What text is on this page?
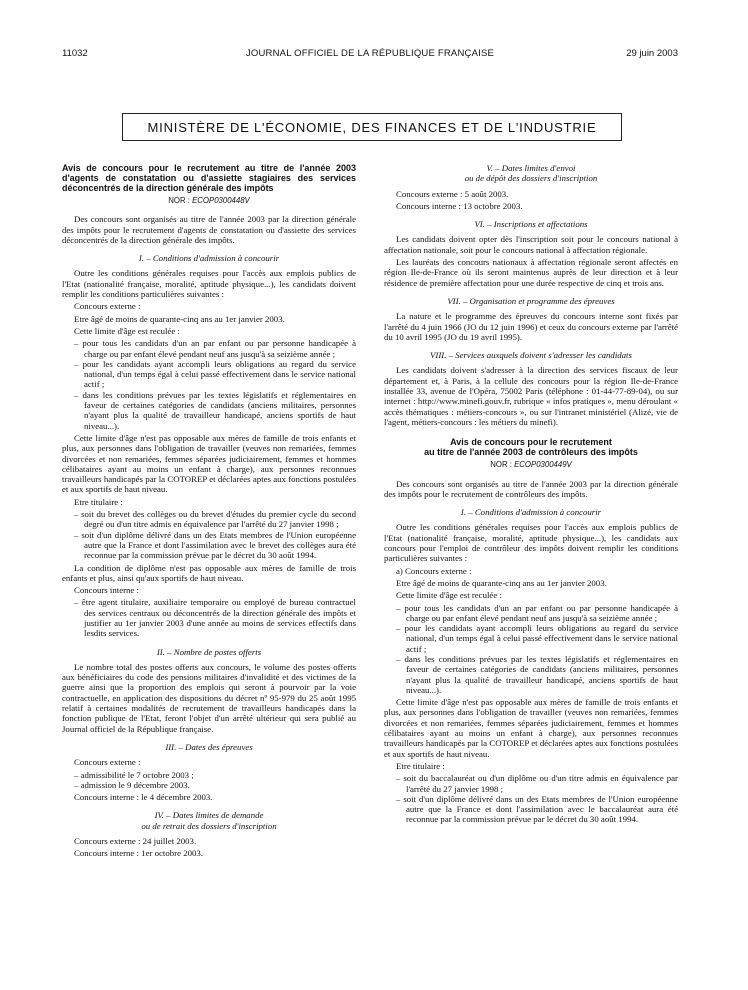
11032	JOURNAL OFFICIEL DE LA RÉPUBLIQUE FRANÇAISE	29 juin 2003
MINISTÈRE DE L'ÉCONOMIE, DES FINANCES ET DE L'INDUSTRIE

Avis de concours pour le recrutement au titre de l'année 2003 d'agents de constatation ou d'assiette stagiaires des services déconcentrés de la direction générale des impôts

NOR : ECOP0300448V

Des concours sont organisés au titre de l'année 2003 par la direction générale des impôts pour le recrutement d'agents de constatation ou d'assiette des services déconcentrés de la direction générale des impôts.

I. – Conditions d'admission à concourir

Outre les conditions générales requises pour l'accès aux emplois publics de l'Etat (nationalité française, moralité, aptitude physique...), les candidats doivent remplir les conditions particulières suivantes :

Concours externe :

Etre âgé de moins de quarante-cinq ans au 1er janvier 2003.

Cette limite d'âge est reculée :

– pour tous les candidats d'un an par enfant ou par personne handicapée à charge ou par enfant élevé pendant neuf ans jusqu'à sa seizième année ;
– pour les candidats ayant accompli leurs obligations au regard du service national, d'un temps égal à celui passé effectivement dans le service national actif ;
– dans les conditions prévues par les textes législatifs et réglementaires en faveur de certaines catégories de candidats (anciens militaires, personnes n'ayant plus la qualité de travailleur handicapé, anciens sportifs de haut niveau...).

Cette limite d'âge n'est pas opposable aux mères de famille de trois enfants et plus, aux personnes dans l'obligation de travailler (veuves non remariées, femmes divorcées et non remariées, femmes séparées judiciairement, femmes et hommes célibataires ayant au moins un enfant à charge), aux personnes reconnues travailleurs handicapés par la COTOREP et déclarées aptes aux fonctions postulées et aux sportifs de haut niveau.

Etre titulaire :

– soit du brevet des collèges ou du brevet d'études du premier cycle du second degré ou d'un titre admis en équivalence par l'arrêté du 27 janvier 1998 ;
– soit d'un diplôme délivré dans un des Etats membres de l'Union européenne autre que la France et dont l'assimilation avec le brevet des collèges aura été reconnue par la commission prévue par le décret du 30 août 1994.

La condition de diplôme n'est pas opposable aux mères de famille de trois enfants et plus, ainsi qu'aux sportifs de haut niveau.

Concours interne :

– être agent titulaire, auxiliaire temporaire ou employé de bureau contractuel des services centraux ou déconcentrés de la direction générale des impôts et justifier au 1er janvier 2003 d'une année au moins de services effectifs dans lesdits services.

II. – Nombre de postes offerts

Le nombre total des postes offerts aux concours, le volume des postes offerts aux bénéficiaires du code des pensions militaires d'invalidité et des victimes de la guerre ainsi que la proportion des emplois qui seront à pourvoir par la voie contractuelle, en application des dispositions du décret nº 95-979 du 25 août 1995 relatif à certaines modalités de recrutement de travailleurs handicapés dans la fonction publique de l'Etat, feront l'objet d'un arrêté ultérieur qui sera publié au Journal officiel de la République française.

III. – Dates des épreuves

Concours externe :

– admissibilité le 7 octobre 2003 ;
– admission le 9 décembre 2003.

Concours interne : le 4 décembre 2003.

IV. – Dates limites de demande

ou de retrait des dossiers d'inscription

Concours externe : 24 juillet 2003.

Concours interne : 1er octobre 2003.

V. – Dates limites d'envoi

ou de dépôt des dossiers d'inscription

Concours externe : 5 août 2003.

Concours interne : 13 octobre 2003.

VI. – Inscriptions et affectations

Les candidats doivent opter dès l'inscription soit pour le concours national à affectation nationale, soit pour le concours national à affectation régionale.

Les lauréats des concours nationaux à affectation régionale seront affectés en région Ile-de-France où ils seront maintenus auprès de leur direction et à leur résidence de première affectation pour une durée respective de cinq et trois ans.

VII. – Organisation et programme des épreuves

La nature et le programme des épreuves du concours interne sont fixés par l'arrêté du 4 juin 1966 (JO du 12 juin 1996) et ceux du concours externe par l'arrêté du 10 avril 1995 (JO du 19 avril 1995).

VIII. – Services auxquels doivent s'adresser les candidats

Les candidats doivent s'adresser à la direction des services fiscaux de leur département et, à Paris, à la cellule des concours pour la région Ile-de-France installée 33, avenue de l'Opéra, 75002 Paris (téléphone : 01-44-77-89-04), ou sur internet : http://www.minefi.gouv.fr, rubrique « infos pratiques », menu déroulant « accès thématiques : métiers-concours », ou sur l'intranet ministériel (Alizé, vie de l'agent, métiers-concours : les métiers du minefi).

Avis de concours pour le recrutement

au titre de l'année 2003 de contrôleurs des impôts

NOR : ECOP0300449V

Des concours sont organisés au titre de l'année 2003 par la direction générale des impôts pour le recrutement de contrôleurs des impôts.

I. – Conditions d'admission à concourir

Outre les conditions générales requises pour l'accès aux emplois publics de l'Etat (nationalité française, moralité, aptitude physique...), les candidats aux concours pour l'emploi de contrôleur des impôts doivent remplir les conditions particulières suivantes :

a) Concours externe :

Etre âgé de moins de quarante-cinq ans au 1er janvier 2003.

Cette limite d'âge est reculée :

– pour tous les candidats d'un an par enfant ou par personne handicapée à charge ou par enfant élevé pendant neuf ans jusqu'à sa seizième année ;
– pour les candidats ayant accompli leurs obligations au regard du service national, d'un temps égal à celui passé effectivement dans le service national actif ;
– dans les conditions prévues par les textes législatifs et réglementaires en faveur de certaines catégories de candidats (anciens militaires, personnes n'ayant plus la qualité de travailleur handicapé, anciens sportifs de haut niveau...).

Cette limite d'âge n'est pas opposable aux mères de famille de trois enfants et plus, aux personnes dans l'obligation de travailler (veuves non remariées, femmes divorcées et non remariées, femmes séparées judiciairement, femmes et hommes célibataires ayant au moins un enfant à charge), aux personnes reconnues travailleurs handicapés par la COTOREP et déclarées aptes aux fonctions postulées et aux sportifs de haut niveau.

Etre titulaire :

– soit du baccalauréat ou d'un diplôme ou d'un titre admis en équivalence par l'arrêté du 27 janvier 1998 ;
– soit d'un diplôme délivré dans un des Etats membres de l'Union européenne autre que la France et dont l'assimilation avec le baccalauréat aura été reconnue par la commission prévue par le décret du 30 août 1994.
